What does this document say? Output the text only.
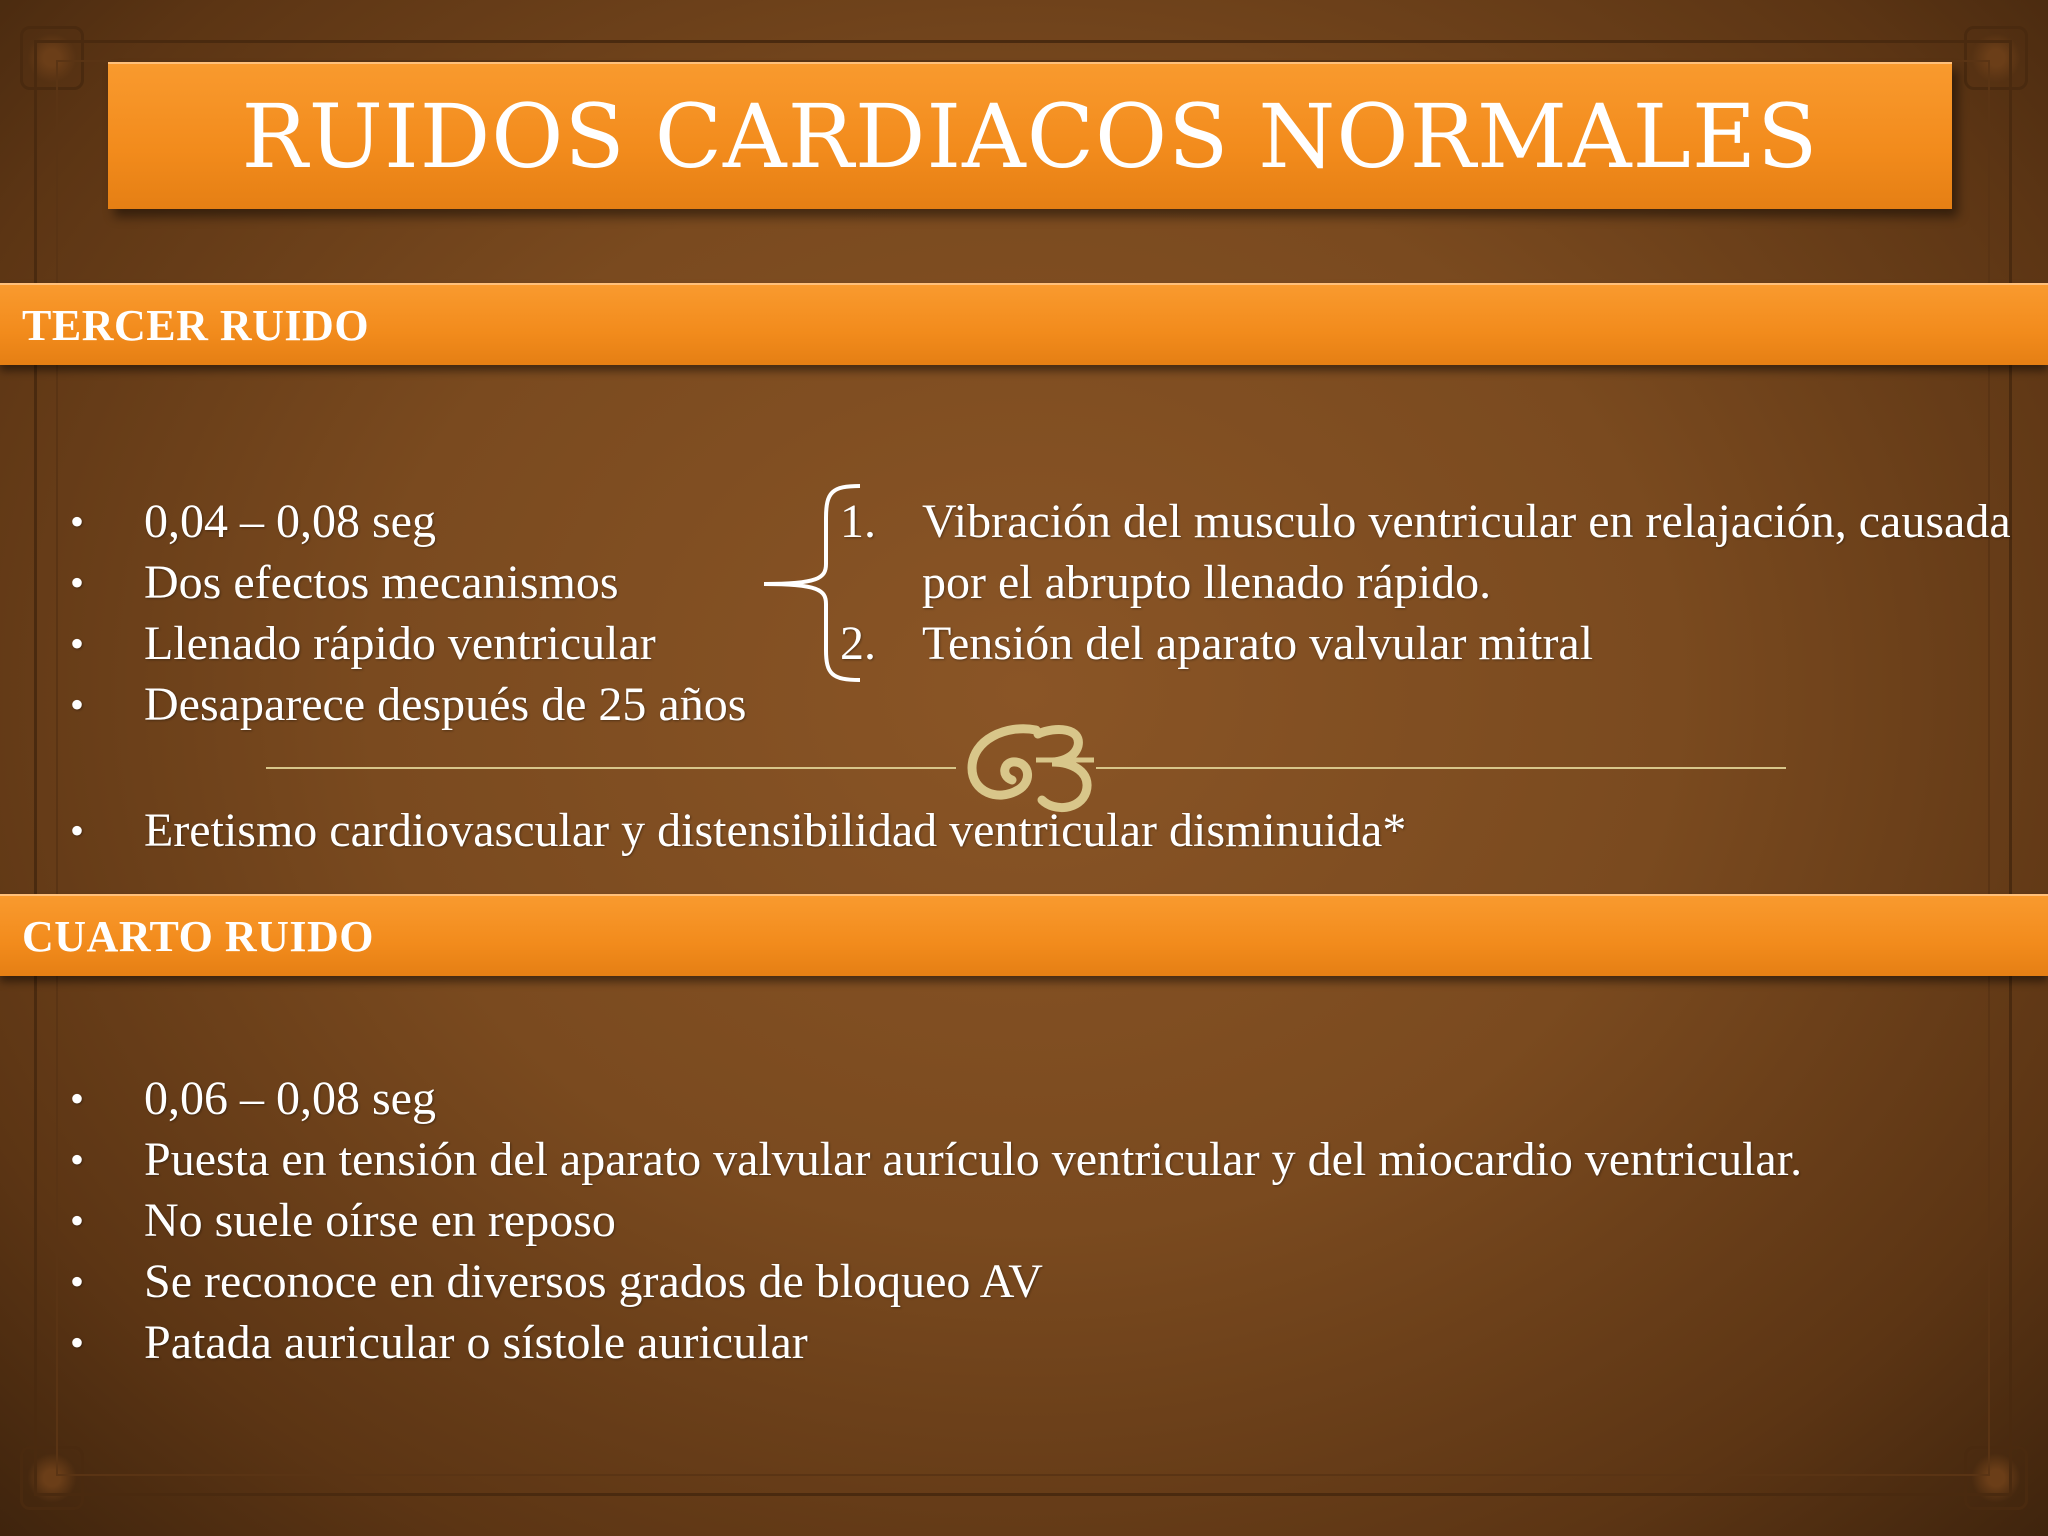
RUIDOS CARDIACOS NORMALES
TERCER RUIDO
• 0,04 – 0,08 seg
• Dos efectos mecanismos
• Llenado rápido ventricular
• Desaparece después de 25 años
1. Vibración del musculo ventricular en relajación, causada por el abrupto llenado rápido.
2. Tensión del aparato valvular mitral
• Eretismo cardiovascular y distensibilidad ventricular disminuida*
CUARTO RUIDO
• 0,06 – 0,08 seg
• Puesta en tensión del aparato valvular aurículo ventricular y del miocardio ventricular.
• No suele oírse en reposo
• Se reconoce en diversos grados de bloqueo AV
• Patada auricular o sístole auricular
